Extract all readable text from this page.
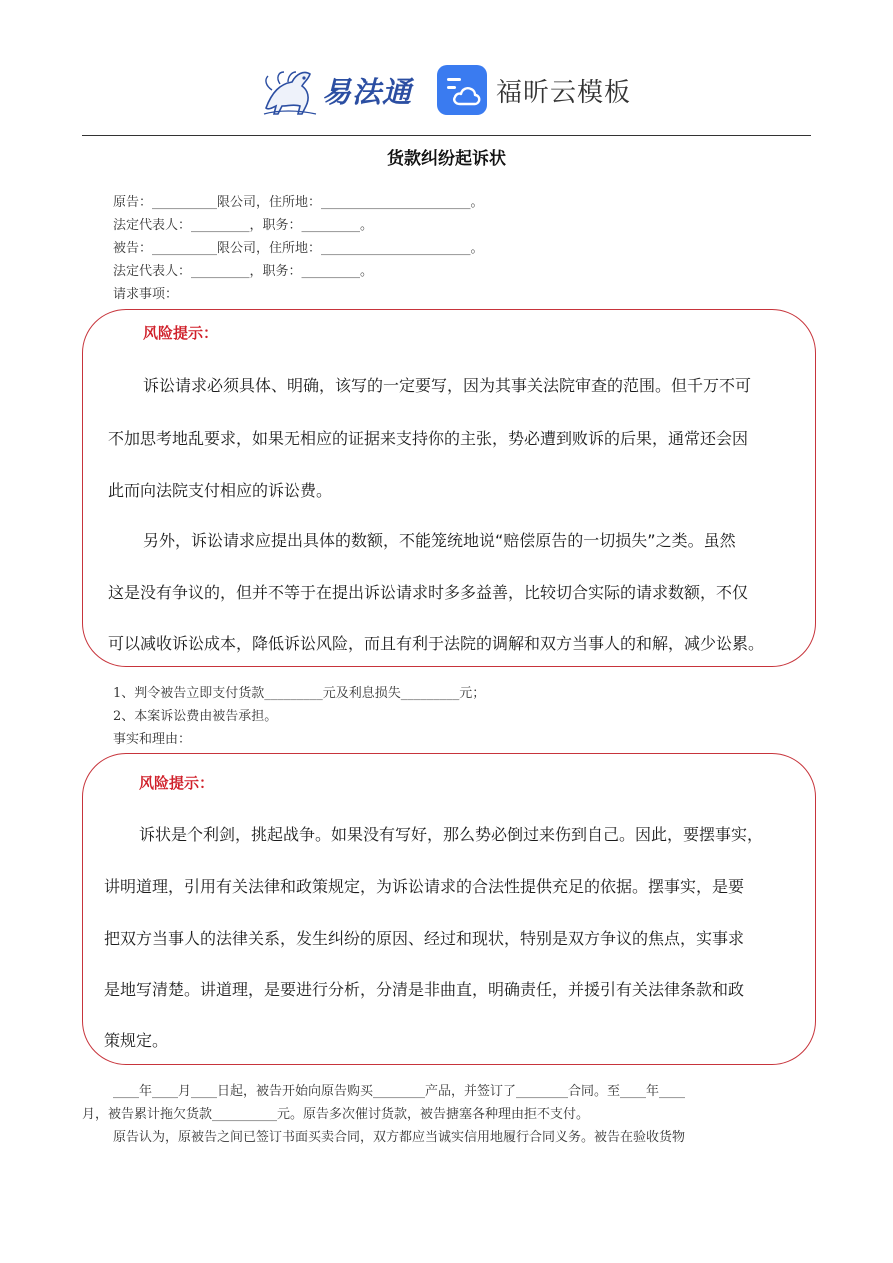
易法通	福昕云模板
货款纠纷起诉状
原告：__________限公司，住所地：_______________________。
法定代表人：_________，职务：_________。
被告：__________限公司，住所地：_______________________。
法定代表人：_________，职务：_________。
请求事项：
风险提示：
诉讼请求必须具体、明确，该写的一定要写，因为其事关法院审查的范围。但千万不可
不加思考地乱要求，如果无相应的证据来支持你的主张，势必遭到败诉的后果，通常还会因
此而向法院支付相应的诉讼费。
另外，诉讼请求应提出具体的数额，不能笼统地说“赔偿原告的一切损失”之类。虽然
这是没有争议的，但并不等于在提出诉讼请求时多多益善，比较切合实际的请求数额，不仅
可以减收诉讼成本，降低诉讼风险，而且有利于法院的调解和双方当事人的和解，减少讼累。
1、判令被告立即支付货款_________元及利息损失_________元；
2、本案诉讼费由被告承担。
事实和理由：
风险提示：
诉状是个利剑，挑起战争。如果没有写好，那么势必倒过来伤到自己。因此，要摆事实，
讲明道理，引用有关法律和政策规定，为诉讼请求的合法性提供充足的依据。摆事实，是要
把双方当事人的法律关系，发生纠纷的原因、经过和现状，特别是双方争议的焦点，实事求
是地写清楚。讲道理，是要进行分析，分清是非曲直，明确责任，并援引有关法律条款和政
策规定。
____年____月____日起，被告开始向原告购买________产品，并签订了________合同。至____年____
月，被告累计拖欠货款__________元。原告多次催讨货款，被告搪塞各种理由拒不支付。
原告认为，原被告之间已签订书面买卖合同，双方都应当诚实信用地履行合同义务。被告在验收货物
